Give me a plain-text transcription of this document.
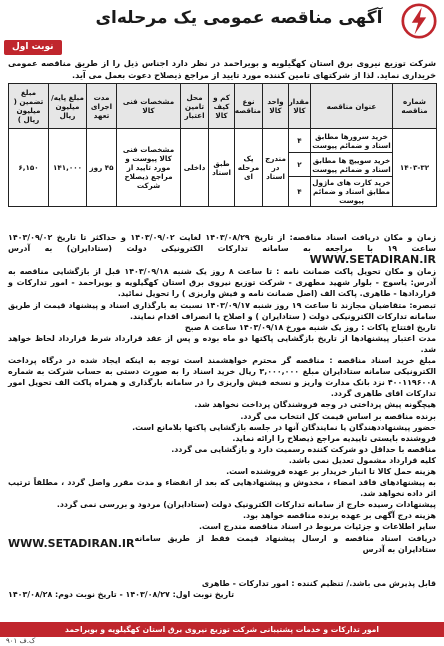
آگهی مناقصه عمومی یک مرحله‌ای
نوبت اول
شرکت توزیع نیروی برق استان کهگیلویه و بویراحمد در نظر دارد اجناس ذیل را از طریق مناقصه عمومی خریداری نماید. لذا از شرکتهای تامین کننده مورد تایید از مراجع ذیصلاح دعوت بعمل می آید.
شماره مناقصه	عنوان مناقصه	مقدار کالا	واحد کالا	نوع مناقصه	کم و کیف کالا	محل تامین اعتبار	مشخصات فنی کالا	مدت اجرای تعهد	مبلغ پایه/ میلیون ریال	مبلغ تضمین ( میلیون ریال )
۱۴۰۳-۳۲	خرید سرورها مطابق اسناد و ضمائم پیوست	۴	مندرج در اسناد	یک مرحله ای	طبق اسناد	داخلی	مشخصات فنی کالا پیوست و مورد تایید از مراجع ذیصلاح شرکت	۴۵ روز	۱۴۱,۰۰۰	۶,۱۵۰
	خرید سوییچ ها مطابق اسناد و ضمائم پیوست	۲								
	خرید کارت های ماژول مطابق اسناد و ضمائم پیوست	۴								

زمان و مکان دریافت اسناد مناقصه: از تاریخ ۱۴۰۳/۰۸/۲۹ لغایت ۱۴۰۳/۰۹/۰۲ و حداکثر تا تاریخ ۱۴۰۳/۰۹/۰۲ ساعت ۱۹ با مراجعه به سامانه تدارکات الکترونیکی دولت (ستادایران) به آدرس WWW.SETADIRAN.IR

زمان و مکان تحویل پاکت ضمانت نامه : تا ساعت ۸ روز یک شنبه ۱۴۰۳/۰۹/۱۸ قبل از بازگشایی مناقصه به آدرس: یاسوج - بلوار شهید مطهری - شرکت توزیع نیروی برق استان کهگیلویه و بویراحمد - امور تدارکات و قراردادها - طاهری. پاکت الف (اصل ضمانت نامه و فیش واریزی ) را تحویل نمائید.

تبصره: متقاضیان مجازند تا ساعت ۱۹ روز شنبه ۱۴۰۳/۰۹/۱۷ نسبت به بارگذاری اسناد و پیشنهاد قیمت از طریق سامانه تدارکات الکترونیکی دولت ( ستادایران ) و اصلاح یا انصراف اقدام نمایند.

تاریخ افتتاح پاکات : روز یک شنبه مورخ ۱۴۰۳/۰۹/۱۸ ساعت ۸ صبح

مدت اعتبار پیشنهادها از تاریخ بازگشایی پاکتها دو ماه بوده و پس از عقد قرارداد شرط قرارداد لحاظ خواهد شد.

مبلغ خرید اسناد مناقصه : مناقصه گر محترم خواهشمند است توجه به اینکه ایجاد شده در درگاه پرداخت الکترونیکی سامانه ستادایران مبلغ ۳,۰۰۰,۰۰۰ ریال خرید اسناد را به صورت دستی به حساب شرکت به شماره ۴۰۰۱۱۹۶۰۰۸ نزد بانک مدارت واریز و نسخه فیش واریزی را در سامانه بارگذاری و همراه پاکت الف تحویل امور تدارکات اقای طاهری گردد.

هیچگونه پیش پرداختی در وجه فروشندگان پرداخت نخواهد شد.

برنده مناقصه بر اساس قیمت کل انتخاب می گردد.

حضور پیشنهاددهندگان یا نمایندگان آنها در جلسه بازگشایی پاکتها بلامانع است.

فروشنده بایستی تاییدیه مراجع ذیصلاح را ارائه نماید.

مناقصه با حداقل دو شرکت کننده رسمیت دارد و بازگشایی می گردد.

کلیه قرارداد مشمول تعدیل نمی باشد.

هزینه حمل کالا تا انبار خریدار بر عهده فروشنده است.

به پیشنهادهای فاقد امضاء ، مخدوش و پیشنهادهایی که بعد از انقضاء و مدت مقرر واصل گردد ، مطلقاً ترتیب اثر داده نخواهد شد.

پیشنهادات رسیده خارج از سامانه تدارکات الکترونیک دولت (ستادایران) مردود و بررسی نمی گردد.

هزینه درج آگهی بر عهده برنده مناقصه خواهد بود.

سایر اطلاعات و جزئیات مربوط در اسناد مناقصه مندرج است.

دریافت اسناد مناقصه و ارسال پیشنهاد قیمت فقط از طریق سامانه ستادایران به آدرس
WWW.SETADIRAN.IR

قابل پذیرش می باشد./ تنظیم کننده : امور تدارکات - طاهری

تاریخ نوبت اول: ۱۴۰۳/۰۸/۲۷ - تاریخ نوبت دوم: ۱۴۰۳/۰۸/۲۸

امور تدارکات و خدمات پشتیبانی شرکت توزیع نیروی برق استان کهگیلویه و بویراحمد
ک.ف ۹۰۱
